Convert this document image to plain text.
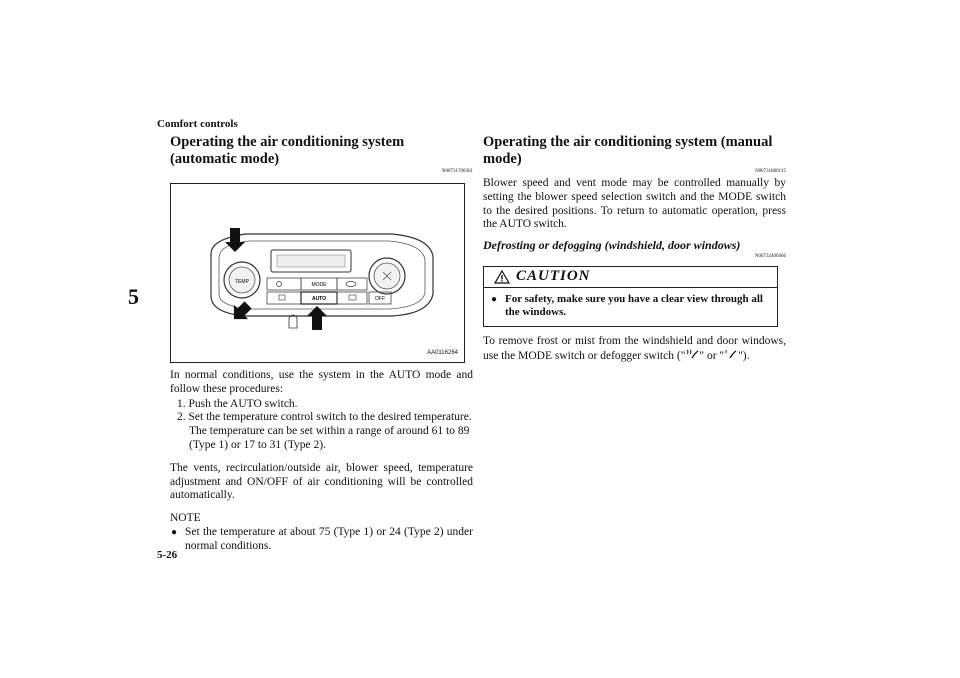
Comfort controls
5
Operating the air conditioning system (automatic mode)
N00731700361
TEMP	MODE
AUTO	OFF
AA0116264

In normal conditions, use the system in the AUTO mode and follow these procedures:

1. Push the AUTO switch.
2. Set the temperature control switch to the desired temperature. The temperature can be set within a range of around 61 to 89 (Type 1) or 17 to 31 (Type 2).

The vents, recirculation/outside air, blower speed, temperature adjustment and ON/OFF of air conditioning will be controlled automatically.

NOTE
● Set the temperature at about 75 (Type 1) or 24 (Type 2) under normal conditions.
Operating the air conditioning system (manual mode)
N00731800115

Blower speed and vent mode may be controlled manually by setting the blower speed selection switch and the MODE switch to the desired positions. To return to automatic operation, press the AUTO switch.

Defrosting or defogging (windshield, door windows)
N00732400466
CAUTION
● For safety, make sure you have a clear view through all the windows.

To remove frost or mist from the windshield and door windows, use the MODE switch or defogger switch (" " or " ").

5-26
